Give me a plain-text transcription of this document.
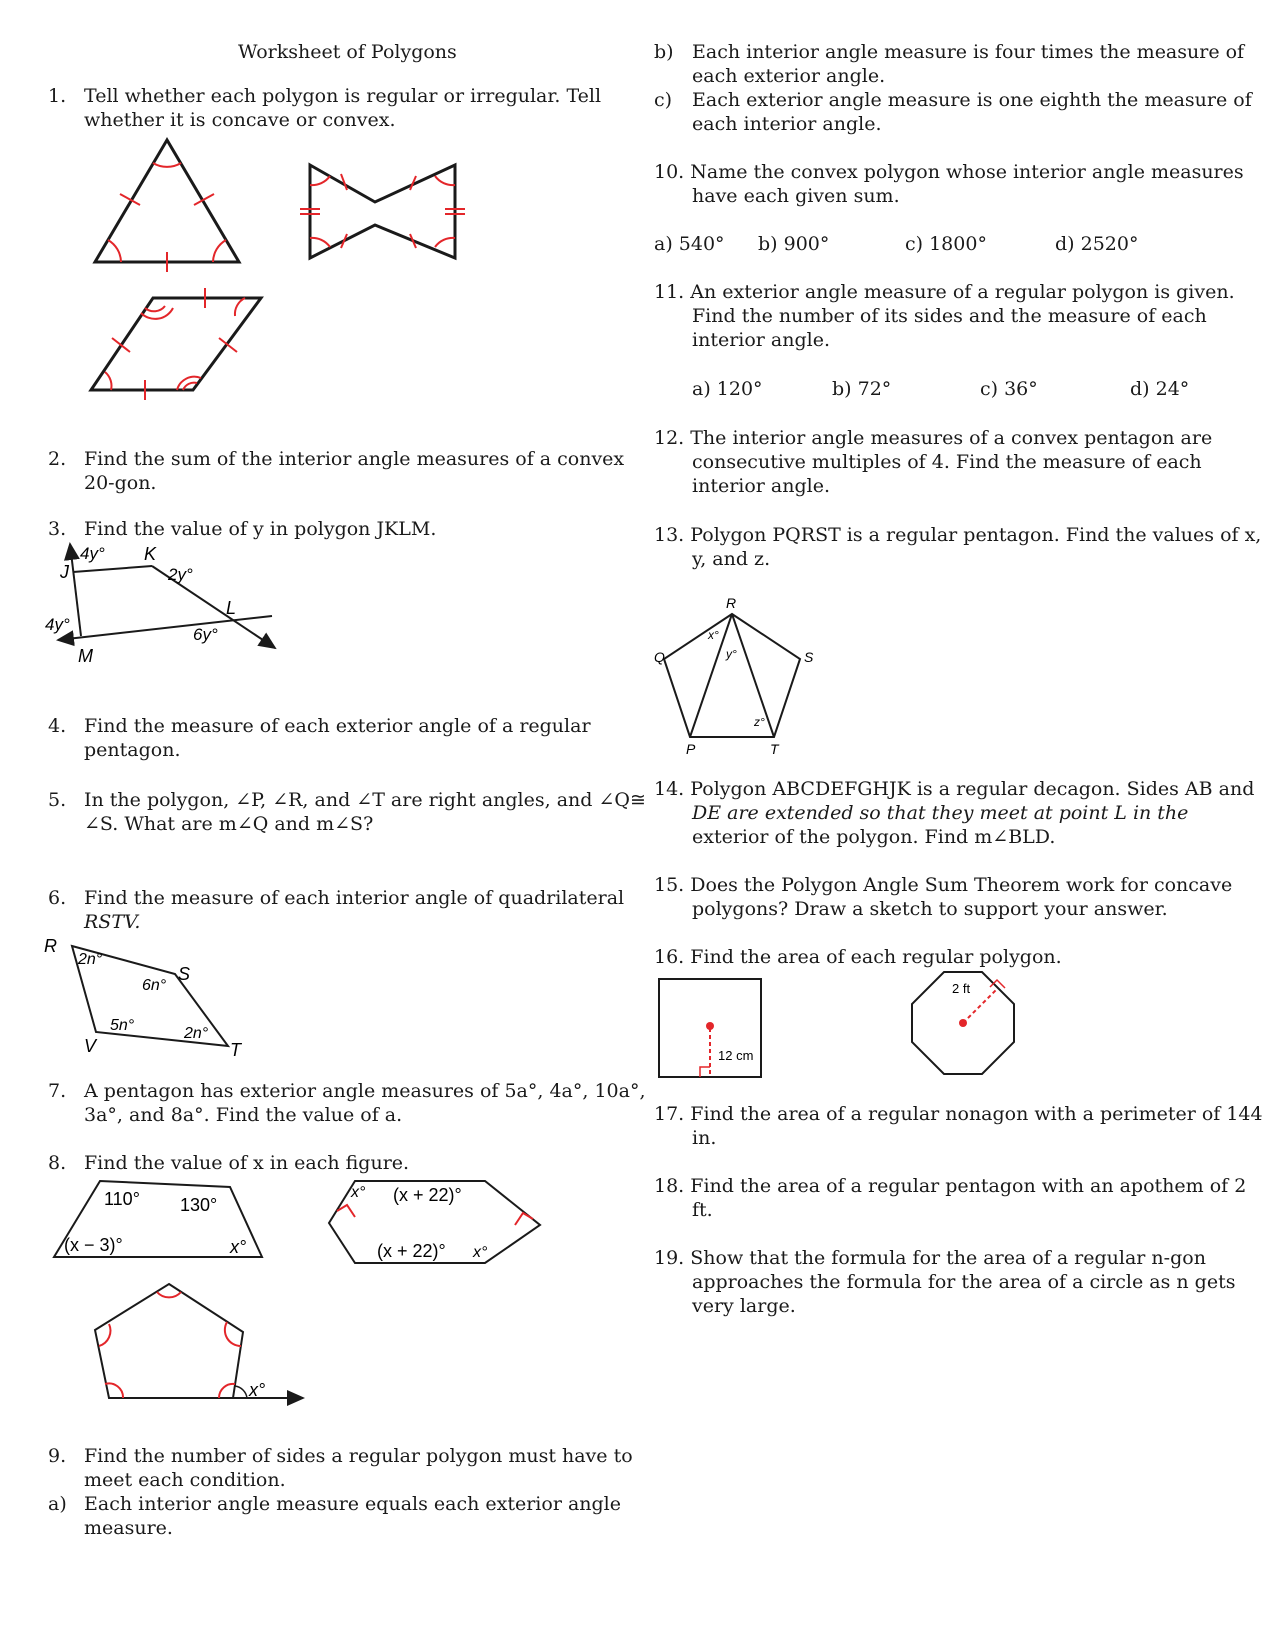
Worksheet of Polygons
1. Tell whether each polygon is regular or irregular. Tell
whether it is concave or convex.
2. Find the sum of the interior angle measures of a convex
20-gon.
3. Find the value of y in polygon JKLM.
J
K
L
M
4y°
2y°
6y°
4y°
4. Find the measure of each exterior angle of a regular
pentagon.
5. In the polygon, ∠P, ∠R, and ∠T are right angles, and ∠Q≅
∠S. What are m∠Q and m∠S?
6. Find the measure of each interior angle of quadrilateral
RSTV.
R
S
T
V
2n°
6n°
5n°	2n°
7. A pentagon has exterior angle measures of 5a°, 4a°, 10a°,
3a°, and 8a°. Find the value of a.
8. Find the value of x in each figure.
110° 130°
(x − 3)°	x°
x° (x + 22)°
(x + 22)° x°
x°
9. Find the number of sides a regular polygon must have to
meet each condition.
a) Each interior angle measure equals each exterior angle
measure.
b) Each interior angle measure is four times the measure of
each exterior angle.
c) Each exterior angle measure is one eighth the measure of
each interior angle.
10. Name the convex polygon whose interior angle measures
have each given sum.
a) 540° b) 900°	c) 1800°	d) 2520°
11. An exterior angle measure of a regular polygon is given.
Find the number of its sides and the measure of each
interior angle.
a) 120°	b) 72°	c) 36°	d) 24°
12. The interior angle measures of a convex pentagon are
consecutive multiples of 4. Find the measure of each
interior angle.
13. Polygon PQRST is a regular pentagon. Find the values of x,
y, and z.
R
Q	S
P	T
x°
y°
z°
14. Polygon ABCDEFGHJK is a regular decagon. Sides AB and
DE are extended so that they meet at point L in the
exterior of the polygon. Find m∠BLD.
15. Does the Polygon Angle Sum Theorem work for concave
polygons? Draw a sketch to support your answer.
16. Find the area of each regular polygon.
12 cm
2 ft
17. Find the area of a regular nonagon with a perimeter of 144
in.
18. Find the area of a regular pentagon with an apothem of 2
ft.
19. Show that the formula for the area of a regular n-gon
approaches the formula for the area of a circle as n gets
very large.
